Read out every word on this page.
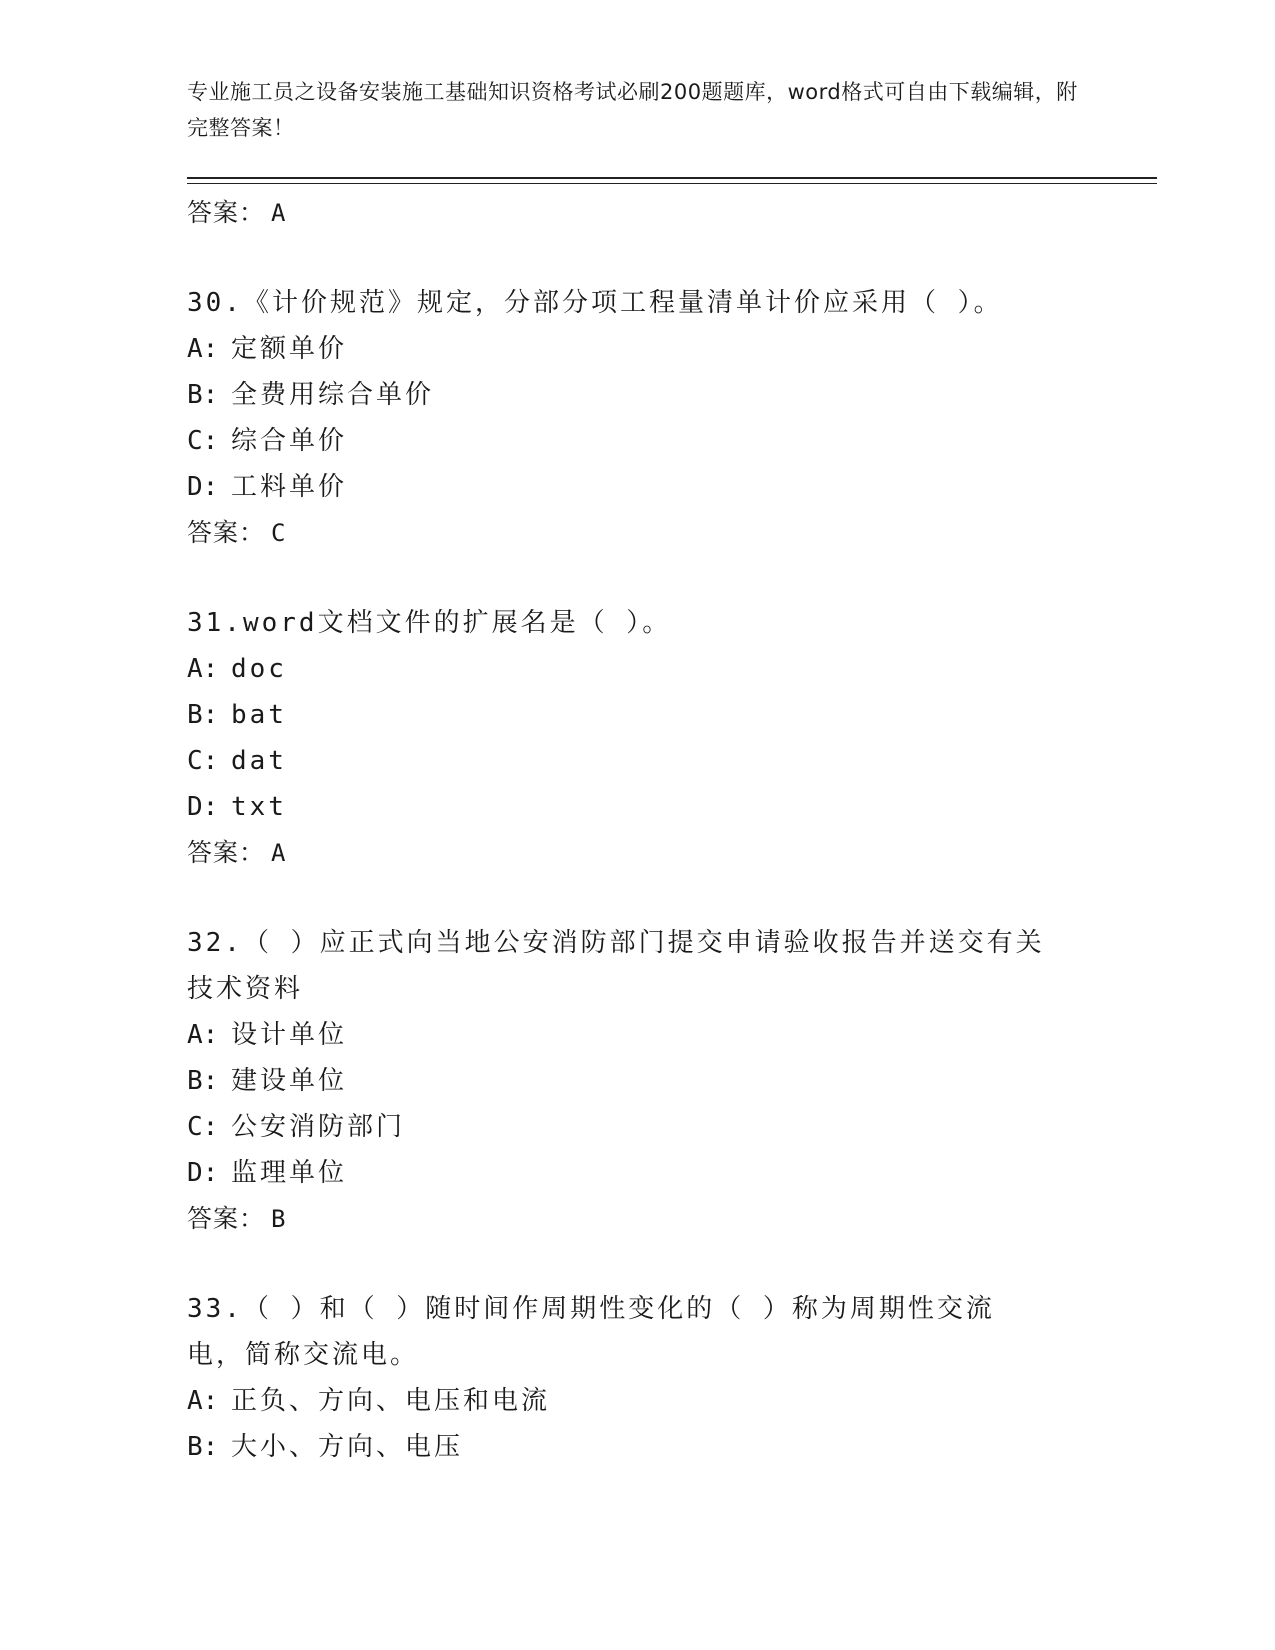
专业施工员之设备安装施工基础知识资格考试必刷200题题库，word格式可自由下载编辑，附完整答案！
答案： A
30.《计价规范》规定，分部分项工程量清单计价应采用（ ）。
A: 定额单价
B: 全费用综合单价
C: 综合单价
D: 工料单价
答案： C
31.word文档文件的扩展名是（ ）。
A: doc
B: bat
C: dat
D: txt
答案： A
32.（ ）应正式向当地公安消防部门提交申请验收报告并送交有关技术资料
A: 设计单位
B: 建设单位
C: 公安消防部门
D: 监理单位
答案： B
33.（ ）和（ ）随时间作周期性变化的（ ）称为周期性交流电，简称交流电。
A: 正负、方向、电压和电流
B: 大小、方向、电压
